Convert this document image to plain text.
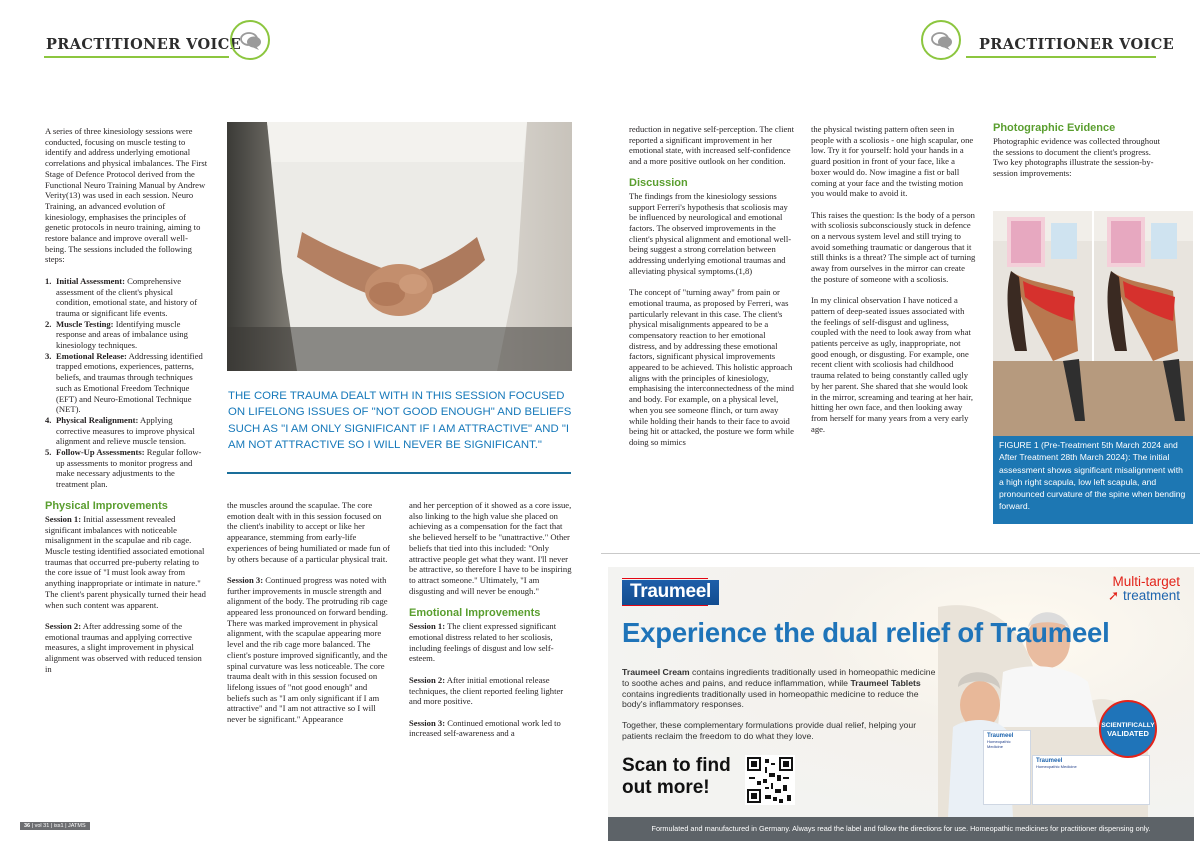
PRACTITIONER VOICE	PRACTITIONER VOICE

A series of three kinesiology sessions were conducted, focusing on muscle testing to identify and address underlying emotional correlations and physical imbalances. The First Stage of Defence Protocol derived from the Functional Neuro Training Manual by Andrew Verity(13) was used in each session. Neuro Training, an advanced evolution of kinesiology, emphasises the principles of genetic protocols in neuro training, aiming to restore balance and improve overall well-being. The sessions included the following steps:

1. Initial Assessment: Comprehensive assessment of the client's physical condition, emotional state, and history of trauma or significant life events.
2. Muscle Testing: Identifying muscle response and areas of imbalance using kinesiology techniques.
3. Emotional Release: Addressing identified trapped emotions, experiences, patterns, beliefs, and traumas through techniques such as Emotional Freedom Technique (EFT) and Neuro-Emotional Technique (NET).
4. Physical Realignment: Applying corrective measures to improve physical alignment and relieve muscle tension.
5. Follow-Up Assessments: Regular follow-up assessments to monitor progress and make necessary adjustments to the treatment plan.
Physical Improvements

Session 1: Initial assessment revealed significant imbalances with noticeable misalignment in the scapulae and rib cage. Muscle testing identified associated emotional traumas that occurred pre-puberty relating to the core issue of "I must look away from anything inappropriate or intimate in nature." The client's parent physically turned their head when such content was apparent.

Session 2: After addressing some of the emotional traumas and applying corrective measures, a slight improvement in physical alignment was observed with reduced tension in

THE CORE TRAUMA DEALT WITH IN THIS SESSION FOCUSED ON LIFELONG ISSUES OF "NOT GOOD ENOUGH" AND BELIEFS SUCH AS "I AM ONLY SIGNIFICANT IF I AM ATTRACTIVE" AND "I AM NOT ATTRACTIVE SO I WILL NEVER BE SIGNIFICANT."

the muscles around the scapulae. The core emotion dealt with in this session focused on the client's inability to accept or like her appearance, stemming from early-life experiences of being humiliated or made fun of by others because of a particular physical trait.

Session 3: Continued progress was noted with further improvements in muscle strength and alignment of the body. The protruding rib cage appeared less pronounced on forward bending. There was marked improvement in physical alignment, with the scapulae appearing more level and the rib cage more balanced. The client's posture improved significantly, and the spinal curvature was less noticeable. The core trauma dealt with in this session focused on lifelong issues of "not good enough" and beliefs such as "I am only significant if I am attractive" and "I am not attractive so I will never be significant." Appearance

and her perception of it showed as a core issue, also linking to the high value she placed on achieving as a compensation for the fact that she believed herself to be "unattractive." Other beliefs that tied into this included: "Only attractive people get what they want. I'll never be attractive, so therefore I have to be inspiring to attract someone." Ultimately, "I am disgusting and will never be enough."

Emotional Improvements

Session 1: The client expressed significant emotional distress related to her scoliosis, including feelings of disgust and low self-esteem.

Session 2: After initial emotional release techniques, the client reported feeling lighter and more positive.

Session 3: Continued emotional work led to increased self-awareness and a

reduction in negative self-perception. The client reported a significant improvement in her emotional state, with increased self-confidence and a more positive outlook on her condition.

Discussion

The findings from the kinesiology sessions support Ferreri's hypothesis that scoliosis may be influenced by neurological and emotional factors. The observed improvements in the client's physical alignment and emotional well-being suggest a strong correlation between addressing underlying emotional traumas and alleviating physical symptoms.(1,8)

The concept of "turning away" from pain or emotional trauma, as proposed by Ferreri, was particularly relevant in this case. The client's physical misalignments appeared to be a compensatory reaction to her emotional distress, and by addressing these emotional factors, significant physical improvements appeared to be achieved. This holistic approach aligns with the principles of kinesiology, emphasising the interconnectedness of the mind and body. For example, on a physical level, when you see someone flinch, or turn away while holding their hands to their face to avoid being hit or attacked, the posture we form while doing so mimics

the physical twisting pattern often seen in people with a scoliosis - one high scapular, one low. Try it for yourself: hold your hands in a guard position in front of your face, like a boxer would do. Now imagine a fist or ball coming at your face and the twisting motion you would make to avoid it.

This raises the question: Is the body of a person with scoliosis subconsciously stuck in defence on a nervous system level and still trying to avoid something traumatic or dangerous that it still thinks is a threat? The simple act of turning away from ourselves in the mirror can create the posture of someone with a scoliosis.

In my clinical observation I have noticed a pattern of deep-seated issues associated with the feelings of self-disgust and ugliness, coupled with the need to look away from what patients perceive as ugly, inappropriate, not good enough, or disgusting. For example, one recent client with scoliosis had childhood trauma related to being constantly called ugly by her parent. She shared that she would look in the mirror, screaming and tearing at her hair, hitting her own face, and then looking away from herself for many years from a very early age.

Photographic Evidence

Photographic evidence was collected throughout the sessions to document the client's progress. Two key photographs illustrate the session-by-session improvements:

FIGURE 1 (Pre-Treatment 5th March 2024 and After Treatment 28th March 2024): The initial assessment shows significant misalignment with a high right scapula, low left scapula, and pronounced curvature of the spine when bending forward.
Traumeel	Multi-target
➚ treatment
Experience the dual relief of Traumeel

Traumeel Cream contains ingredients traditionally used in homeopathic medicine to soothe aches and pains, and reduce inflammation, while Traumeel Tablets contains ingredients traditionally used in homeopathic medicine to reduce the body's inflammatory responses.

Together, these complementary formulations provide dual relief, helping your patients reclaim the freedom to do what they love.

Scan to find
out more!
Traumeel
Homeopathic Medicine
Traumeel
Homeopathic Medicine
SCIENTIFICALLY
VALIDATED
Formulated and manufactured in Germany. Always read the label and follow the directions for use. Homeopathic medicines for practitioner dispensing only.
36 | vol 31 | iss1 | JATMS
